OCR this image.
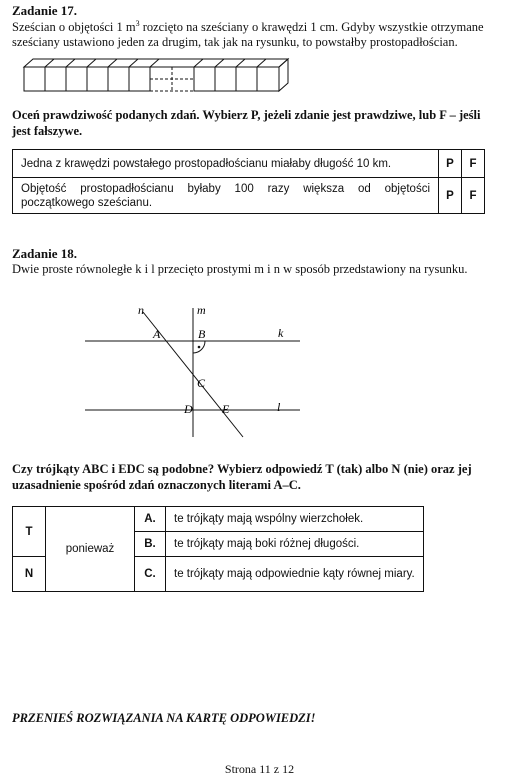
Zadanie 17.
Sześcian o objętości 1 $m^3$ rozcięto na sześciany o krawędzi 1 cm. Gdyby wszystkie otrzymane
sześciany ustawiono jeden za drugim, tak jak na rysunku, to powstałby prostopadłościan.
Oceń prawdziwość podanych zdań. Wybierz P, jeżeli zdanie jest prawdziwe, lub F – jeśli
jest fałszywe.
Jedna z krawędzi powstałego prostopadłościanu miałaby długość 10 km.	P	F

Objętość prostopadłościanu byłaby 100 razy większa od objętości
początkowego sześcianu.	P	F
Zadanie 18.
Dwie proste równoległe k i l przecięto prostymi m i n w sposób przedstawiony na rysunku.
n	m
A	B	k
C
D E	l
Czy trójkąty ABC i EDC są podobne? Wybierz odpowiedź T (tak) albo N (nie) oraz jej
uzasadnienie spośród zdań oznaczonych literami A–C.
T	ponieważ	A.	te trójkąty mają wspólny wierzchołek.
		B.	te trójkąty mają boki różnej długości.
N		C.	te trójkąty mają odpowiednie kąty równej miary.
PRZENIEŚ ROZWIĄZANIA NA KARTĘ ODPOWIEDZI!
Strona 11 z 12
